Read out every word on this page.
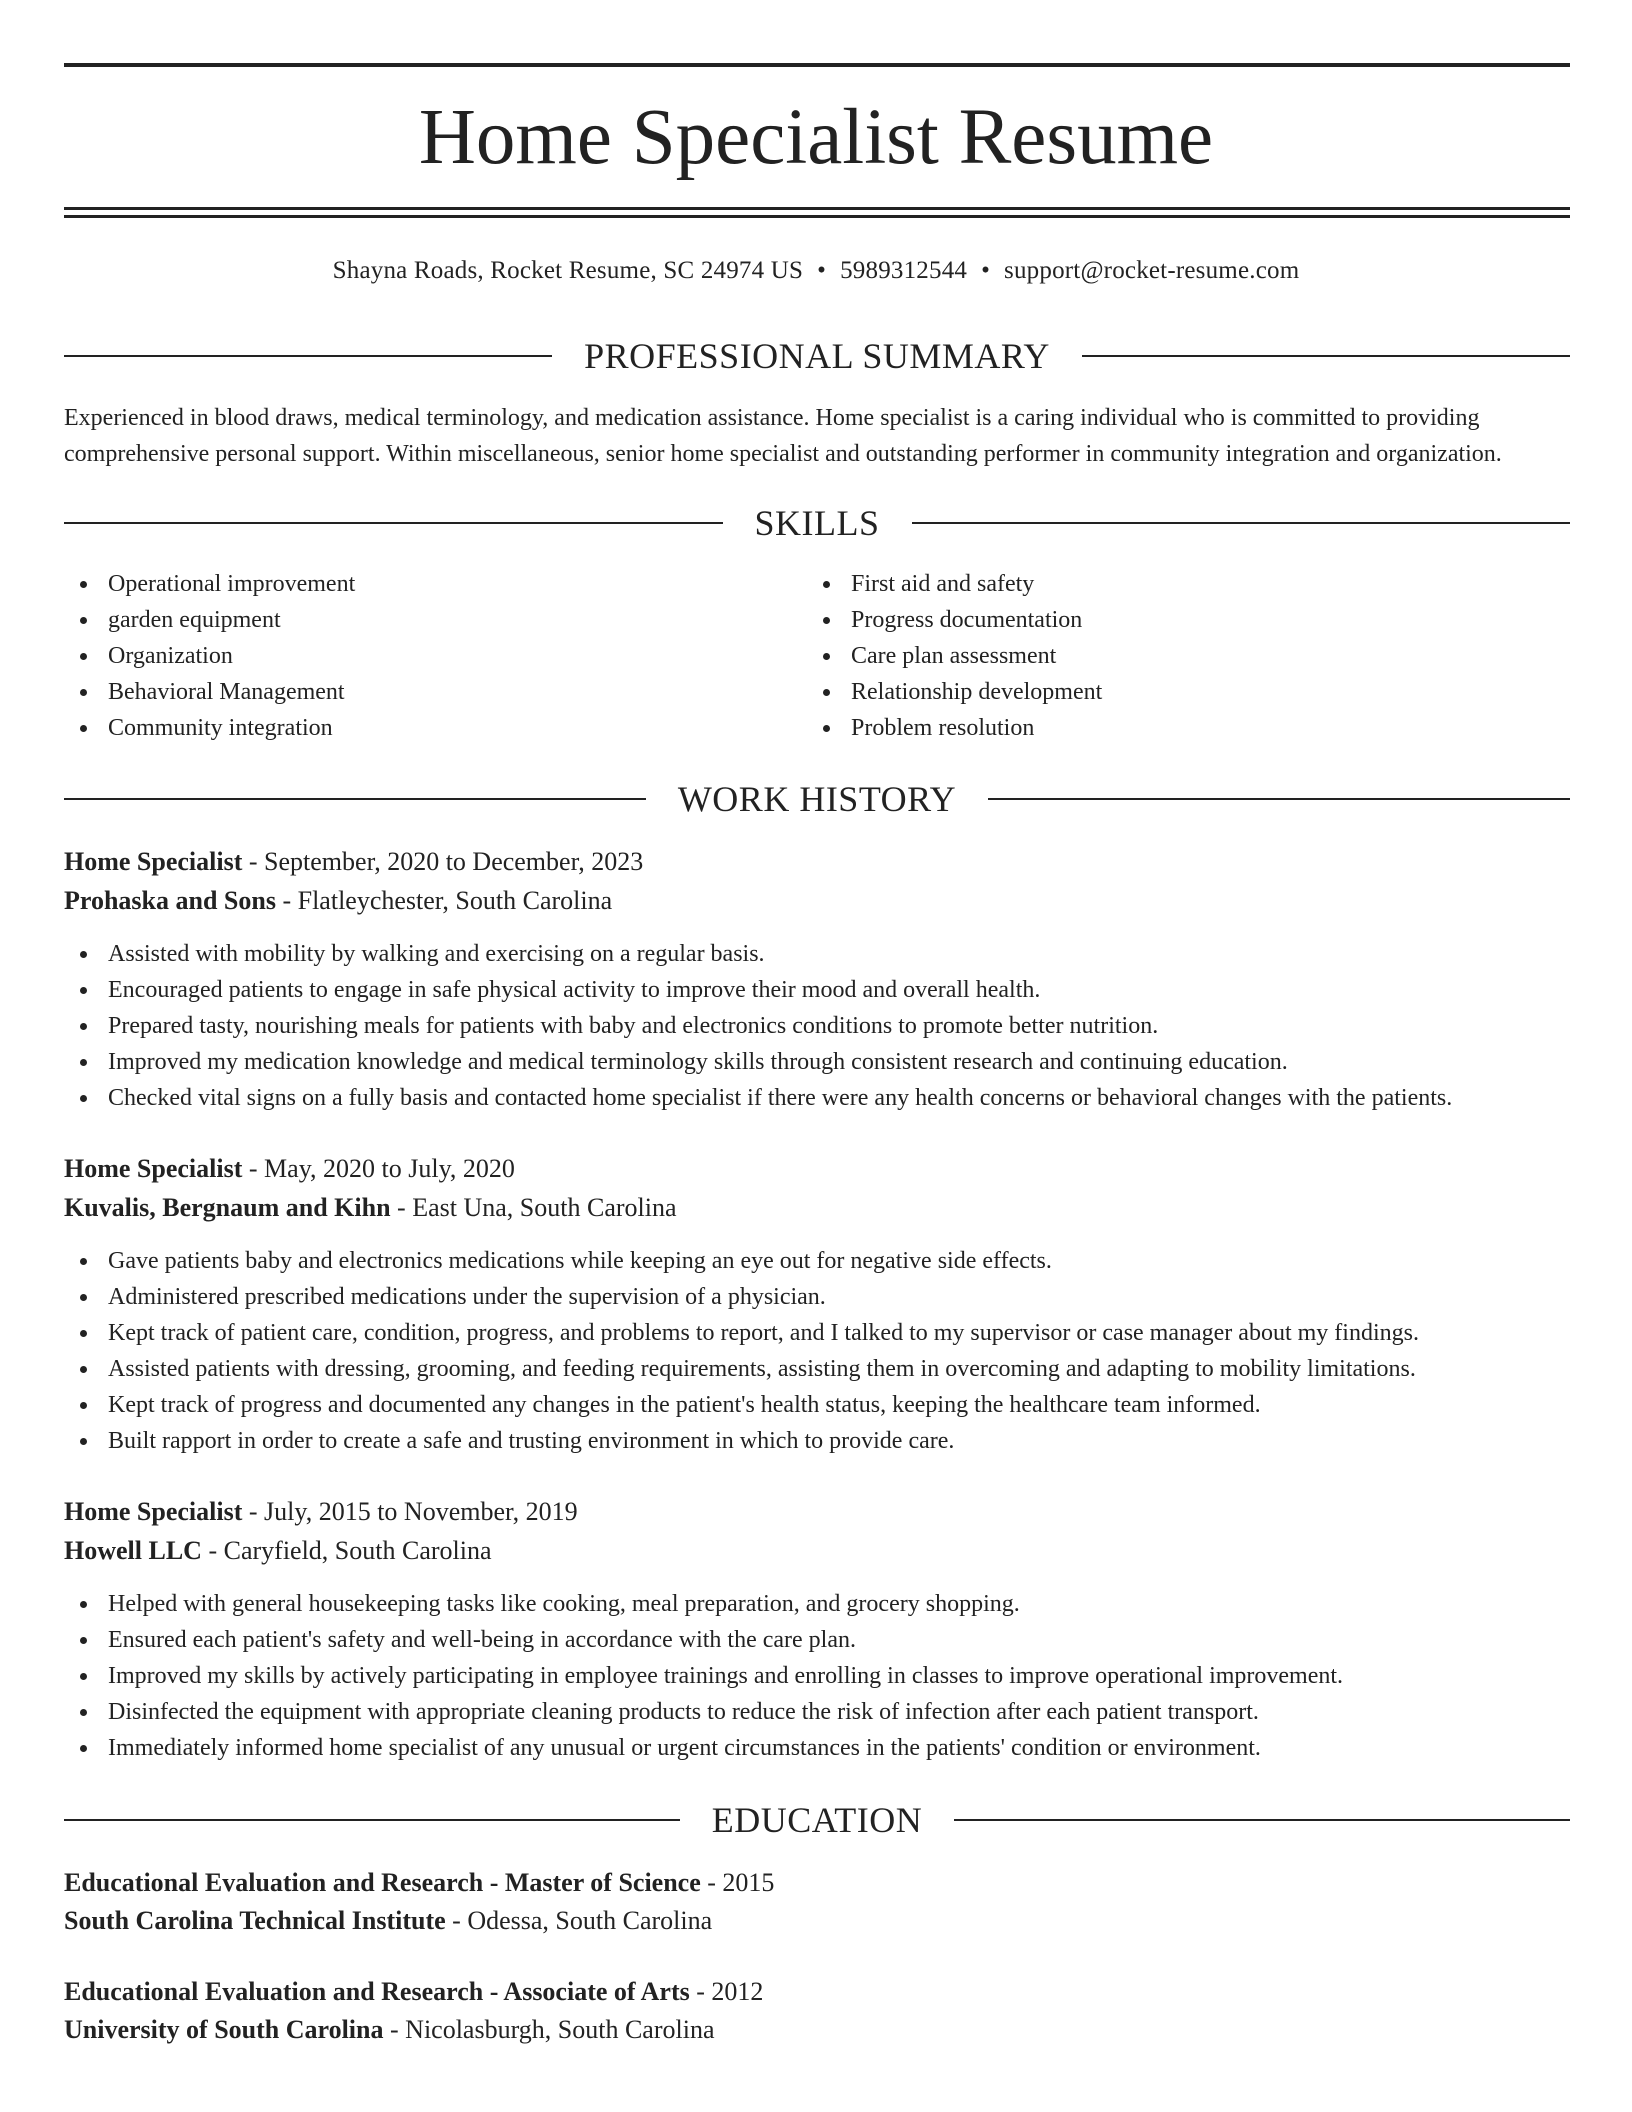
Home Specialist Resume
Shayna Roads, Rocket Resume, SC 24974 US • 5989312544 • support@rocket-resume.com
PROFESSIONAL SUMMARY
Experienced in blood draws, medical terminology, and medication assistance. Home specialist is a caring individual who is committed to providing comprehensive personal support. Within miscellaneous, senior home specialist and outstanding performer in community integration and organization.
SKILLS
Operational improvement
garden equipment
Organization
Behavioral Management
Community integration
First aid and safety
Progress documentation
Care plan assessment
Relationship development
Problem resolution
WORK HISTORY
Home Specialist - September, 2020 to December, 2023
Prohaska and Sons - Flatleychester, South Carolina
Assisted with mobility by walking and exercising on a regular basis.
Encouraged patients to engage in safe physical activity to improve their mood and overall health.
Prepared tasty, nourishing meals for patients with baby and electronics conditions to promote better nutrition.
Improved my medication knowledge and medical terminology skills through consistent research and continuing education.
Checked vital signs on a fully basis and contacted home specialist if there were any health concerns or behavioral changes with the patients.
Home Specialist - May, 2020 to July, 2020
Kuvalis, Bergnaum and Kihn - East Una, South Carolina
Gave patients baby and electronics medications while keeping an eye out for negative side effects.
Administered prescribed medications under the supervision of a physician.
Kept track of patient care, condition, progress, and problems to report, and I talked to my supervisor or case manager about my findings.
Assisted patients with dressing, grooming, and feeding requirements, assisting them in overcoming and adapting to mobility limitations.
Kept track of progress and documented any changes in the patient's health status, keeping the healthcare team informed.
Built rapport in order to create a safe and trusting environment in which to provide care.
Home Specialist - July, 2015 to November, 2019
Howell LLC - Caryfield, South Carolina
Helped with general housekeeping tasks like cooking, meal preparation, and grocery shopping.
Ensured each patient's safety and well-being in accordance with the care plan.
Improved my skills by actively participating in employee trainings and enrolling in classes to improve operational improvement.
Disinfected the equipment with appropriate cleaning products to reduce the risk of infection after each patient transport.
Immediately informed home specialist of any unusual or urgent circumstances in the patients' condition or environment.
EDUCATION
Educational Evaluation and Research - Master of Science - 2015
South Carolina Technical Institute - Odessa, South Carolina
Educational Evaluation and Research - Associate of Arts - 2012
University of South Carolina - Nicolasburgh, South Carolina
